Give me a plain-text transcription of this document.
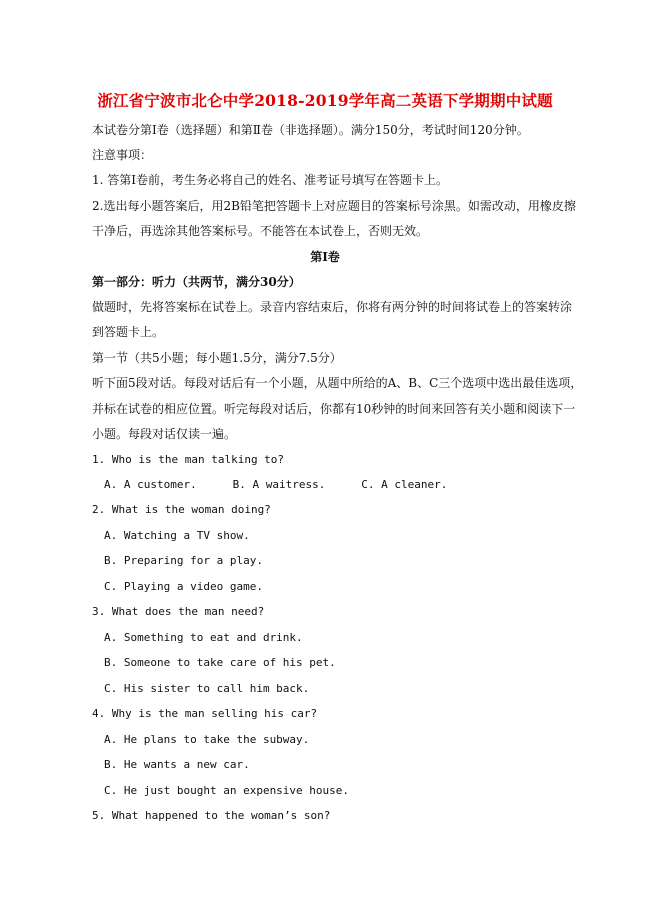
浙江省宁波市北仑中学2018-2019学年高二英语下学期期中试题
本试卷分第Ⅰ卷（选择题）和第Ⅱ卷（非选择题）。满分150分，考试时间120分钟。
注意事项：
1. 答第Ⅰ卷前，考生务必将自己的姓名、准考证号填写在答题卡上。
2.选出每小题答案后，用2B铅笔把答题卡上对应题目的答案标号涂黑。如需改动，用橡皮擦
干净后，再选涂其他答案标号。不能答在本试卷上，否则无效。
第Ⅰ卷
第一部分：听力（共两节，满分30分）
做题时，先将答案标在试卷上。录音内容结束后，你将有两分钟的时间将试卷上的答案转涂
到答题卡上。
第一节（共5小题；每小题1.5分，满分7.5分）
听下面5段对话。每段对话后有一个小题，从题中所给的A、B、C三个选项中选出最佳选项，
并标在试卷的相应位置。听完每段对话后，你都有10秒钟的时间来回答有关小题和阅读下一
小题。每段对话仅读一遍。
1. Who is the man talking to?
A. A customer.	B. A waitress.	C. A cleaner.
2. What is the woman doing?
A. Watching a TV show.
B. Preparing for a play.
C. Playing a video game.
3. What does the man need?
A. Something to eat and drink.
B. Someone to take care of his pet.
C. His sister to call him back.
4. Why is the man selling his car?
A. He plans to take the subway.
B. He wants a new car.
C. He just bought an expensive house.
5. What happened to the woman’s son?
